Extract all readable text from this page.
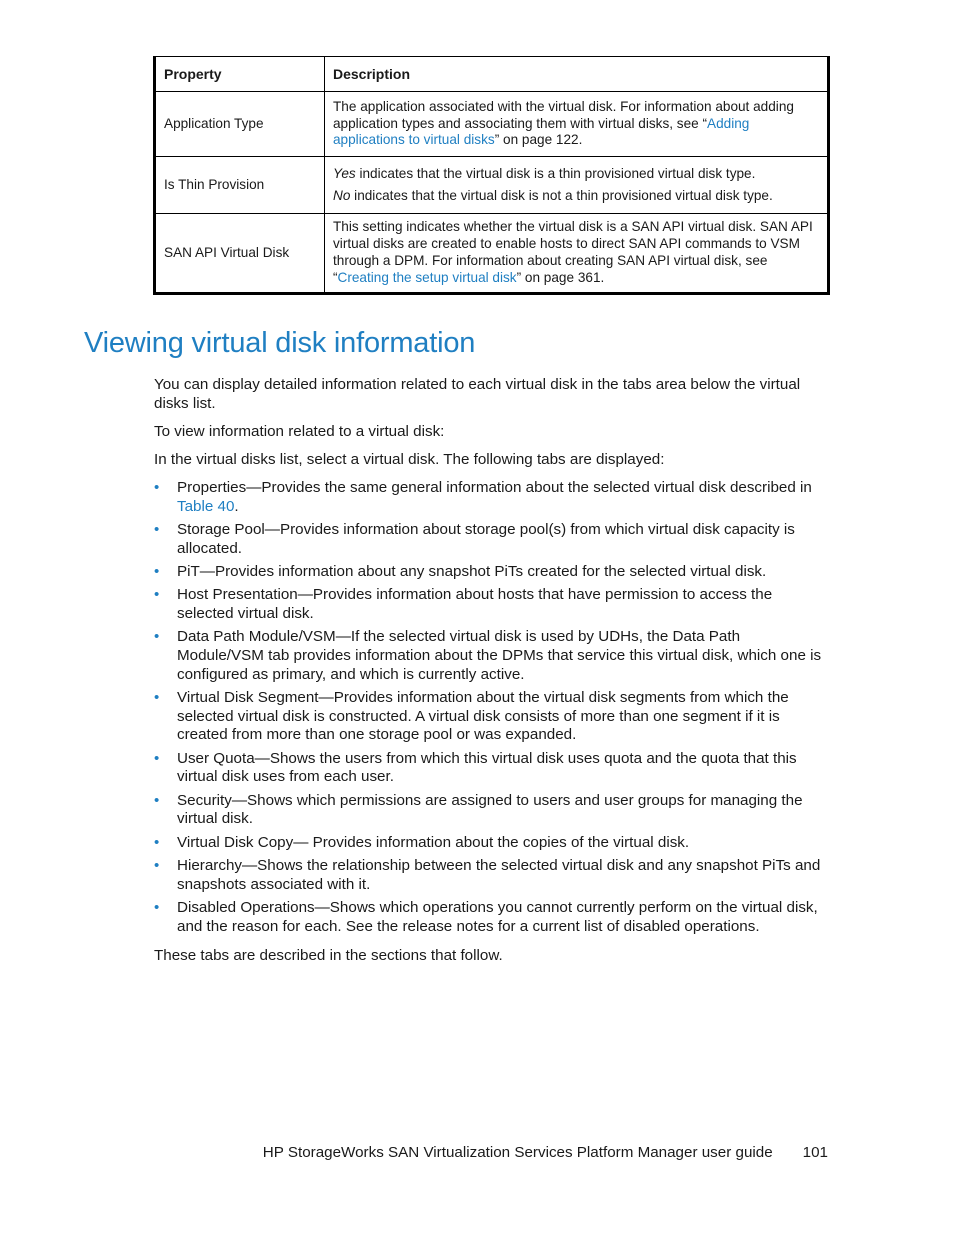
Property	Description
Application Type	The application associated with the virtual disk. For information about adding application types and associating them with virtual disks, see “Adding applications to virtual disks” on page 122.
Is Thin Provision	Yes indicates that the virtual disk is a thin provisioned virtual disk type.
No indicates that the virtual disk is not a thin provisioned virtual disk type.

SAN API Virtual Disk	This setting indicates whether the virtual disk is a SAN API virtual disk. SAN API virtual disks are created to enable hosts to direct SAN API commands to VSM through a DPM. For information about creating SAN API virtual disk, see “Creating the setup virtual disk” on page 361.
Viewing virtual disk information

You can display detailed information related to each virtual disk in the tabs area below the virtual disks list.

To view information related to a virtual disk:

In the virtual disks list, select a virtual disk. The following tabs are displayed:

• Properties—Provides the same general information about the selected virtual disk described in Table 40.
• Storage Pool—Provides information about storage pool(s) from which virtual disk capacity is allocated.
• PiT—Provides information about any snapshot PiTs created for the selected virtual disk.
• Host Presentation—Provides information about hosts that have permission to access the selected virtual disk.
• Data Path Module/VSM—If the selected virtual disk is used by UDHs, the Data Path Module/VSM tab provides information about the DPMs that service this virtual disk, which one is configured as primary, and which is currently active.
• Virtual Disk Segment—Provides information about the virtual disk segments from which the selected virtual disk is constructed. A virtual disk consists of more than one segment if it is created from more than one storage pool or was expanded.
• User Quota—Shows the users from which this virtual disk uses quota and the quota that this virtual disk uses from each user.
• Security—Shows which permissions are assigned to users and user groups for managing the virtual disk.
• Virtual Disk Copy— Provides information about the copies of the virtual disk.
• Hierarchy—Shows the relationship between the selected virtual disk and any snapshot PiTs and snapshots associated with it.
• Disabled Operations—Shows which operations you cannot currently perform on the virtual disk, and the reason for each. See the release notes for a current list of disabled operations.

These tabs are described in the sections that follow.

HP StorageWorks SAN Virtualization Services Platform Manager user guide 101
